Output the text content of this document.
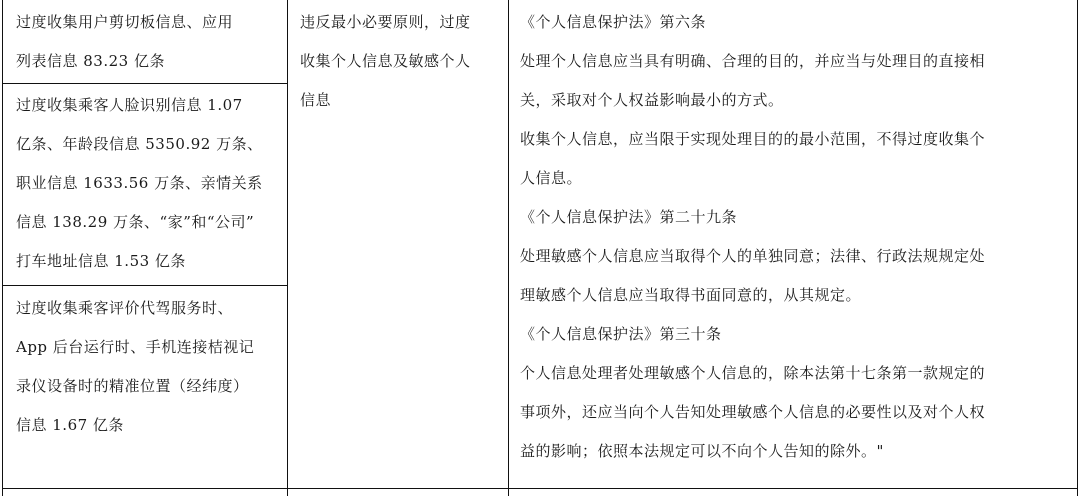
过度收集用户剪切板信息、应用
列表信息 83.23 亿条
过度收集乘客人脸识别信息 1.07
亿条、年龄段信息 5350.92 万条、
职业信息 1633.56 万条、亲情关系
信息 138.29 万条、“家”和“公司”
打车地址信息 1.53 亿条
过度收集乘客评价代驾服务时、
App 后台运行时、手机连接桔视记
录仪设备时的精准位置（经纬度）
信息 1.67 亿条
违反最小必要原则，过度
收集个人信息及敏感个人
信息
《个人信息保护法》第六条
处理个人信息应当具有明确、合理的目的，并应当与处理目的直接相
关，采取对个人权益影响最小的方式。
收集个人信息，应当限于实现处理目的的最小范围，不得过度收集个
人信息。
《个人信息保护法》第二十九条
处理敏感个人信息应当取得个人的单独同意；法律、行政法规规定处
理敏感个人信息应当取得书面同意的，从其规定。
《个人信息保护法》第三十条
个人信息处理者处理敏感个人信息的，除本法第十七条第一款规定的
事项外，还应当向个人告知处理敏感个人信息的必要性以及对个人权
益的影响；依照本法规定可以不向个人告知的除外。"
